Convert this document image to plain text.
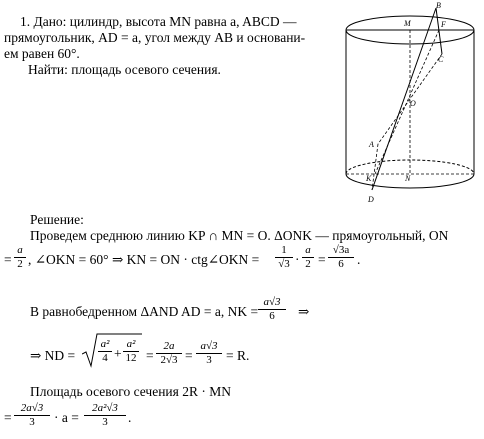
1. Дано: цилиндр, высота MN равна a, ABCD —
прямоугольник, AD = a, угол между AB и основани-
ем равен 60°.
Найти: площадь осевого сечения.
M
B
F
C
O
A
K	N
D
Решение:
Проведем среднюю линию KP ∩ MN = O. ΔONK — прямоугольный, ON
= $\frac{a}{2}$ , ∠OKN = 60° ⇒ KN = ON · ctg∠OKN = $\frac{1}{√3} \cdot \frac{a}{2} = \frac{√3a}{6}$ .
В равнобедренном ΔAND AD = a, NK = $\frac{a√3}{6}$ ⇒
⇒ ND = $\frac{\text{a²}}{4} + \frac{\text{a²}}{12} = \frac{2a}{2√3} = \frac{a√3}{3} = R$.
Площадь осевого сечения 2R · MN
= $\frac{2a√3}{3} \cdot a = \frac{\text{2a²√3}}{3}$ .
